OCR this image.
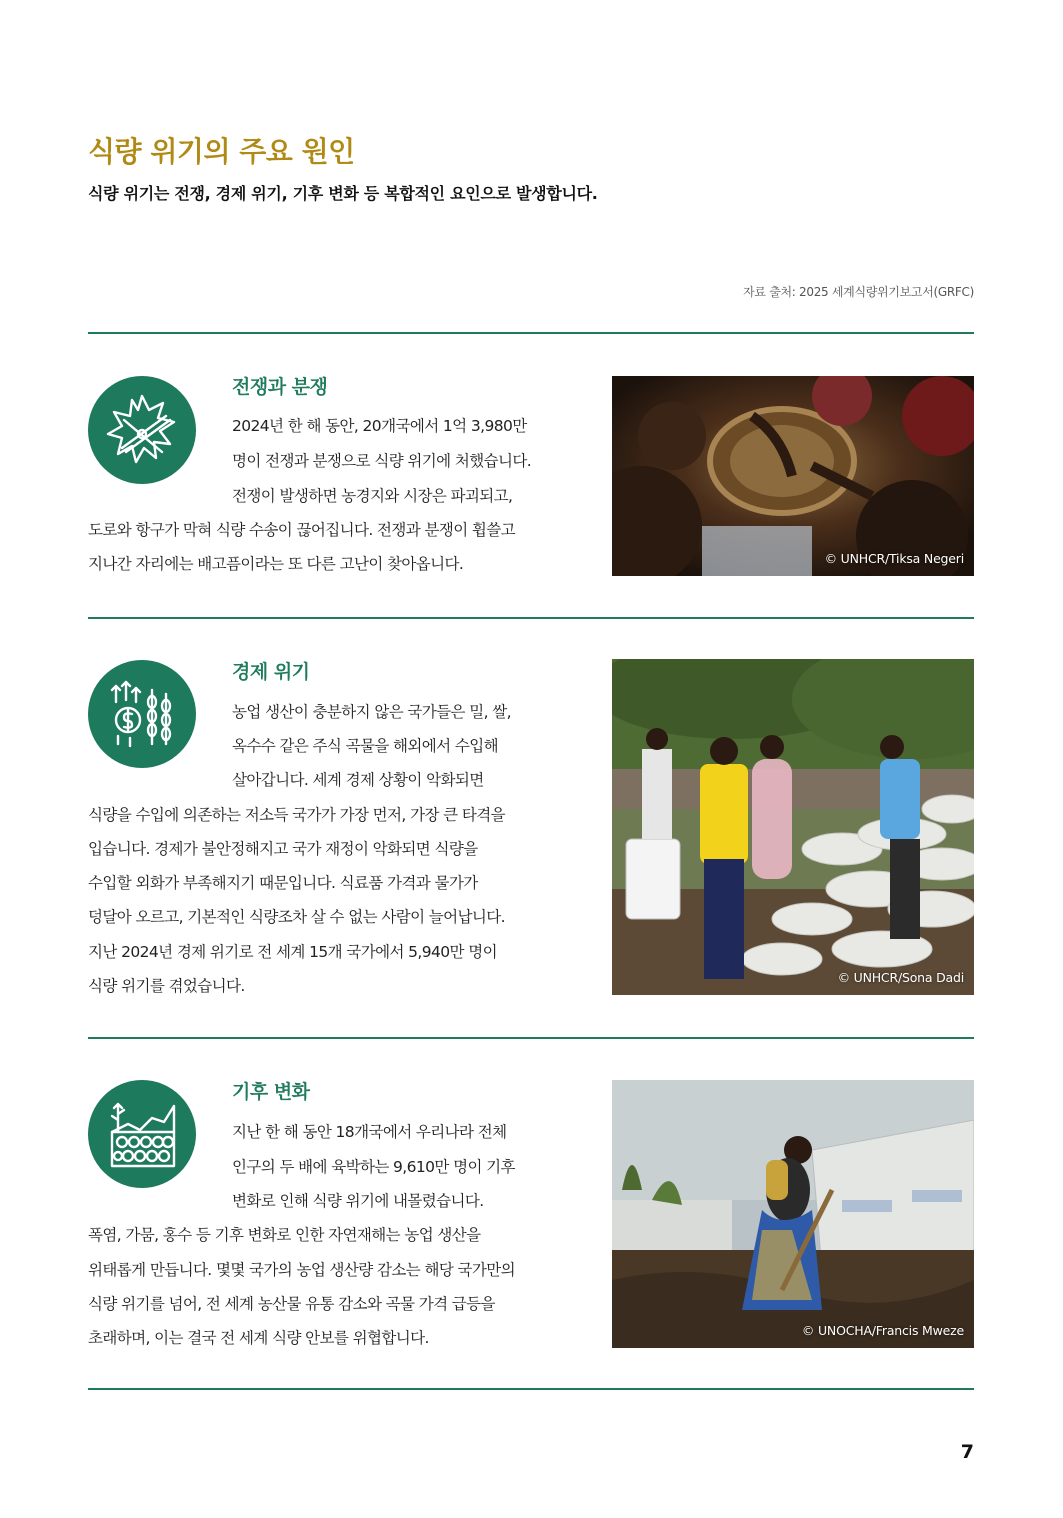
식량 위기의 주요 원인

식량 위기는 전쟁, 경제 위기, 기후 변화 등 복합적인 요인으로 발생합니다.

자료 출처: 2025 세계식량위기보고서(GRFC)
전쟁과 분쟁
2024년 한 해 동안, 20개국에서 1억 3,980만
명이 전쟁과 분쟁으로 식량 위기에 처했습니다.
전쟁이 발생하면 농경지와 시장은 파괴되고,
도로와 항구가 막혀 식량 수송이 끊어집니다. 전쟁과 분쟁이 휩쓸고
지나간 자리에는 배고픔이라는 또 다른 고난이 찾아옵니다.	© UNHCR/Tiksa Negeri
경제 위기
농업 생산이 충분하지 않은 국가들은 밀, 쌀,
옥수수 같은 주식 곡물을 해외에서 수입해
살아갑니다. 세계 경제 상황이 악화되면
식량을 수입에 의존하는 저소득 국가가 가장 먼저, 가장 큰 타격을
입습니다. 경제가 불안정해지고 국가 재정이 악화되면 식량을
수입할 외화가 부족해지기 때문입니다. 식료품 가격과 물가가
덩달아 오르고, 기본적인 식량조차 살 수 없는 사람이 늘어납니다.
지난 2024년 경제 위기로 전 세계 15개 국가에서 5,940만 명이
식량 위기를 겪었습니다.	© UNHCR/Sona Dadi
기후 변화
지난 한 해 동안 18개국에서 우리나라 전체
인구의 두 배에 육박하는 9,610만 명이 기후
변화로 인해 식량 위기에 내몰렸습니다.
폭염, 가뭄, 홍수 등 기후 변화로 인한 자연재해는 농업 생산을
위태롭게 만듭니다. 몇몇 국가의 농업 생산량 감소는 해당 국가만의
식량 위기를 넘어, 전 세계 농산물 유통 감소와 곡물 가격 급등을
초래하며, 이는 결국 전 세계 식량 안보를 위협합니다.	© UNOCHA/Francis Mweze
7
